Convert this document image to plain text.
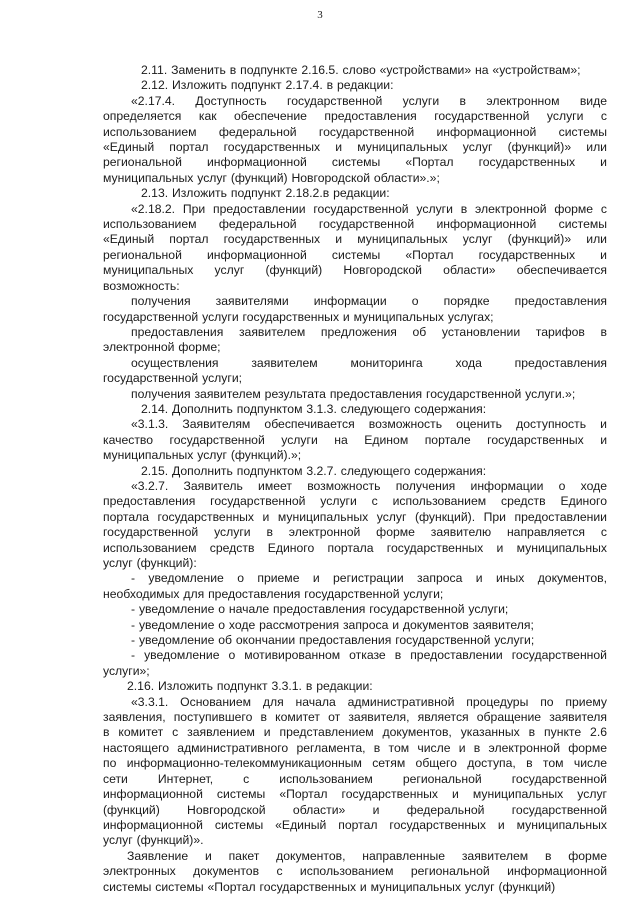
3
2.11. Заменить в подпункте 2.16.5. слово «устройствами» на «устройствам»;
2.12. Изложить подпункт 2.17.4. в редакции:
«2.17.4. Доступность государственной услуги в электронном виде
определяется как обеспечение предоставления государственной услуги с
использованием федеральной государственной информационной системы
«Единый портал государственных и муниципальных услуг (функций)» или
региональной информационной системы «Портал государственных и
муниципальных услуг (функций) Новгородской области».»;
2.13. Изложить подпункт 2.18.2.в редакции:
«2.18.2. При предоставлении государственной услуги в электронной форме с
использованием федеральной государственной информационной системы
«Единый портал государственных и муниципальных услуг (функций)» или
региональной информационной системы «Портал государственных и
муниципальных услуг (функций) Новгородской области» обеспечивается
возможность:
получения заявителями информации о порядке предоставления
государственной услуги государственных и муниципальных услугах;
предоставления заявителем предложения об установлении тарифов в
электронной форме;
осуществления заявителем мониторинга хода предоставления
государственной услуги;
получения заявителем результата предоставления государственной услуги.»;
2.14. Дополнить подпунктом 3.1.3. следующего содержания:
«3.1.3. Заявителям обеспечивается возможность оценить доступность и
качество государственной услуги на Едином портале государственных и
муниципальных услуг (функций).»;
2.15. Дополнить подпунктом 3.2.7. следующего содержания:
«3.2.7. Заявитель имеет возможность получения информации о ходе
предоставления государственной услуги с использованием средств Единого
портала государственных и муниципальных услуг (функций). При предоставлении
государственной услуги в электронной форме заявителю направляется с
использованием средств Единого портала государственных и муниципальных
услуг (функций):
- уведомление о приеме и регистрации запроса и иных документов,
необходимых для предоставления государственной услуги;
- уведомление о начале предоставления государственной услуги;
- уведомление о ходе рассмотрения запроса и документов заявителя;
- уведомление об окончании предоставления государственной услуги;
- уведомление о мотивированном отказе в предоставлении государственной
услуги»;
2.16. Изложить подпункт 3.3.1. в редакции:
«3.3.1. Основанием для начала административной процедуры по приему
заявления, поступившего в комитет от заявителя, является обращение заявителя
в комитет с заявлением и представлением документов, указанных в пункте 2.6
настоящего административного регламента, в том числе и в электронной форме
по информационно-телекоммуникационным сетям общего доступа, в том числе
сети Интернет, с использованием региональной государственной
информационной системы «Портал государственных и муниципальных услуг
(функций) Новгородской области» и федеральной государственной
информационной системы «Единый портал государственных и муниципальных
услуг (функций)».
Заявление и пакет документов, направленные заявителем в форме
электронных документов с использованием региональной информационной
системы системы «Портал государственных и муниципальных услуг (функций)
